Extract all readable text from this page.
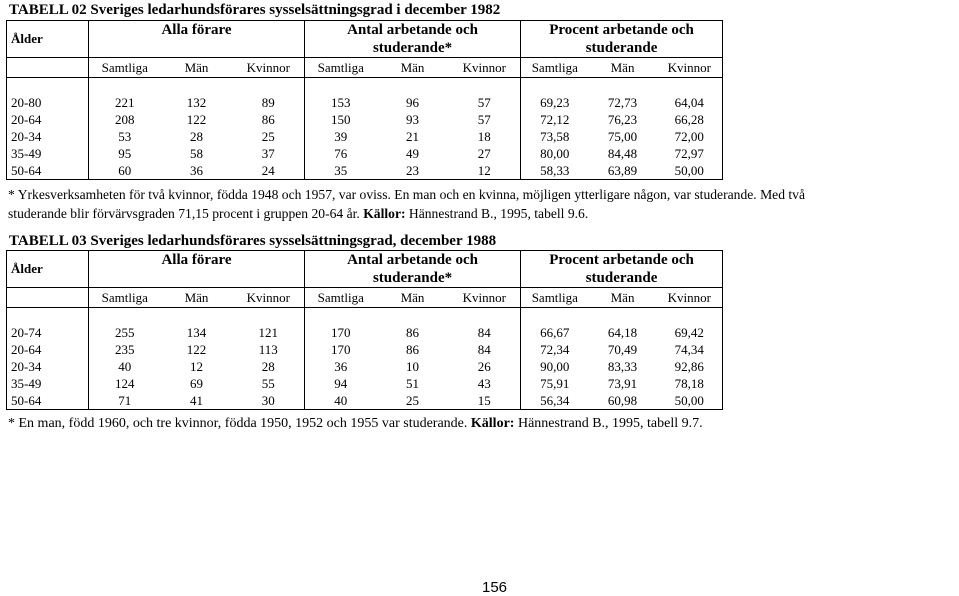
TABELL 02 Sveriges ledarhundsförares sysselsättningsgrad i december 1982
Ålder	Alla förare			Antal arbetande och			Procent arbetande och		
				studerande*			studerande		
	Samtliga	Män	Kvinnor	Samtliga	Män	Kvinnor	Samtliga	Män	Kvinnor

20-80	221	132	89	153	96	57	69,23	72,73	64,04
20-64	208	122	86	150	93	57	72,12	76,23	66,28
20-34	53	28	25	39	21	18	73,58	75,00	72,00
35-49	95	58	37	76	49	27	80,00	84,48	72,97
50-64	60	36	24	35	23	12	58,33	63,89	50,00
* Yrkesverksamheten för två kvinnor, födda 1948 och 1957, var oviss. En man och en kvinna, möjligen ytterligare någon, var studerande. Med två
studerande blir förvärvsgraden 71,15 procent i gruppen 20-64 år. Källor: Hännestrand B., 1995, tabell 9.6.
TABELL 03 Sveriges ledarhundsförares sysselsättningsgrad, december 1988
Ålder	Alla förare			Antal arbetande och			Procent arbetande och		
				studerande*			studerande		
	Samtliga	Män	Kvinnor	Samtliga	Män	Kvinnor	Samtliga	Män	Kvinnor

20-74	255	134	121	170	86	84	66,67	64,18	69,42
20-64	235	122	113	170	86	84	72,34	70,49	74,34
20-34	40	12	28	36	10	26	90,00	83,33	92,86
35-49	124	69	55	94	51	43	75,91	73,91	78,18
50-64	71	41	30	40	25	15	56,34	60,98	50,00
* En man, född 1960, och tre kvinnor, födda 1950, 1952 och 1955 var studerande. Källor: Hännestrand B., 1995, tabell 9.7.
156
